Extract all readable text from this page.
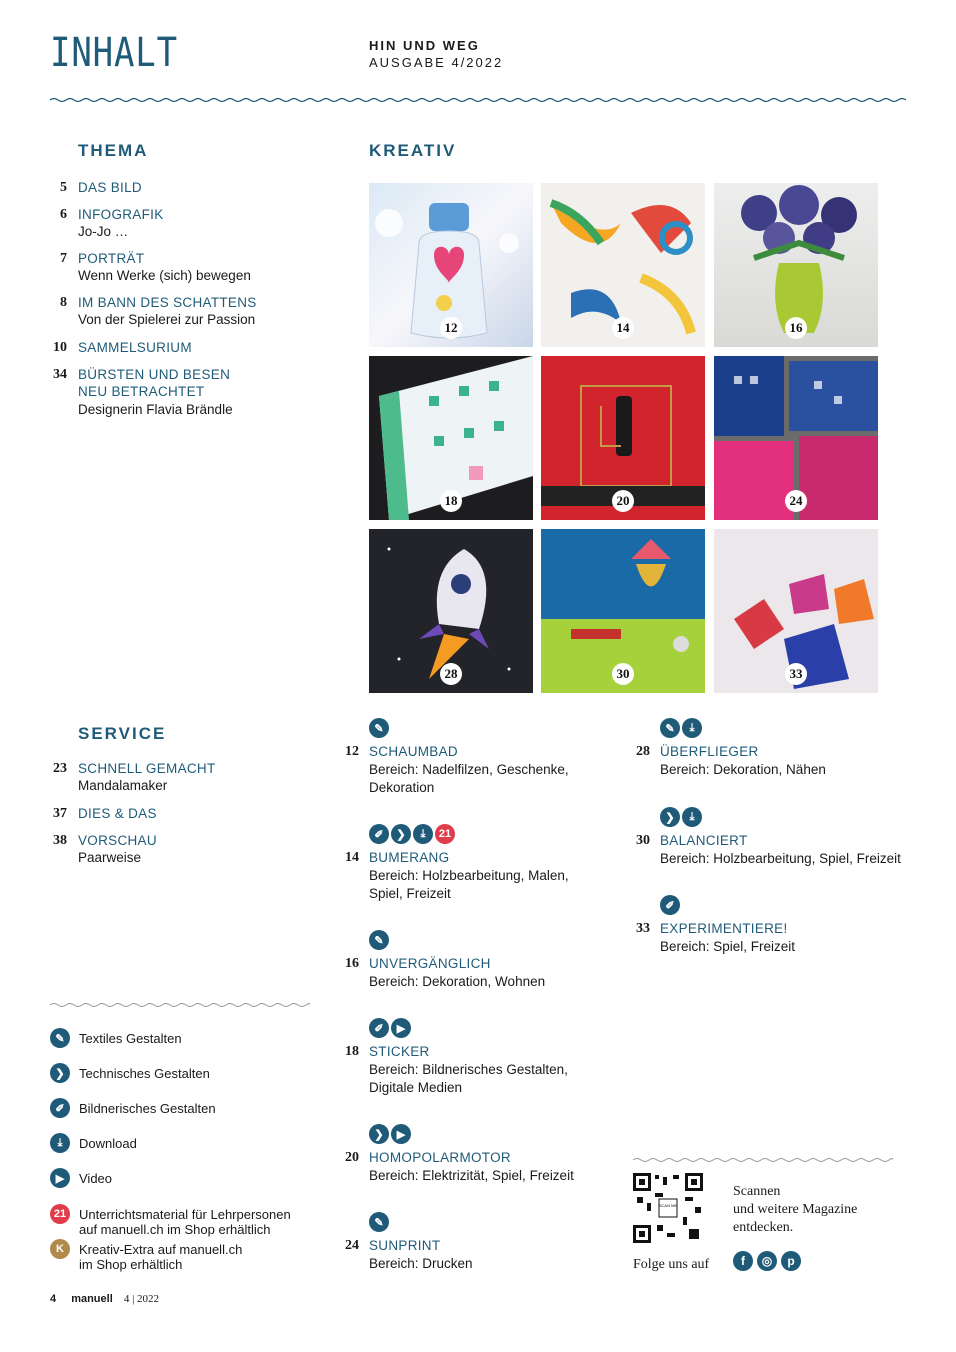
INHALT	HIN UND WEG
AUSGABE 4/2022
THEMA
5 DAS BILD
6 INFOGRAFIK
Jo-Jo …
7 PORTRÄT
Wenn Werke (sich) bewegen
8 IM BANN DES SCHATTENS
Von der Spielerei zur Passion
10 SAMMELSURIUM
34 BÜRSTEN UND BESEN
NEU BETRACHTET
Designerin Flavia Brändle
KREATIV
12	14	16
18	20	24
28	30	33
SERVICE
23 SCHNELL GEMACHT
Mandalamaker
37 DIES & DAS
38 VORSCHAU
Paarweise
✎
12 SCHAUMBAD
Bereich: Nadelfilzen, Geschenke,
Dekoration
✐	❯	⤓	21
14 BUMERANG
Bereich: Holzbearbeitung, Malen,
Spiel, Freizeit
✎
16 UNVERGÄNGLICH
Bereich: Dekoration, Wohnen
✐	▶
18 STICKER
Bereich: Bildnerisches Gestalten,
Digitale Medien
❯	▶
20 HOMOPOLARMOTOR
Bereich: Elektrizität, Spiel, Freizeit
✎
24 SUNPRINT
Bereich: Drucken
✎	⤓
28 ÜBERFLIEGER
Bereich: Dekoration, Nähen
❯	⤓
30 BALANCIERT
Bereich: Holzbearbeitung, Spiel, Freizeit
✐
33 EXPERIMENTIERE!
Bereich: Spiel, Freizeit
✎	Textiles Gestalten
❯	Technisches Gestalten
✐	Bildnerisches Gestalten
⤓	Download
▶	Video
21 Unterrichtsmaterial für Lehrpersonen
auf manuell.ch im Shop erhältlich
K	Kreativ-Extra auf manuell.ch
im Shop erhältlich
SCAN ME
Scannen
und weitere Magazine
entdecken.
Folge uns auf	f	◎	p
4 manuell 4 | 2022
